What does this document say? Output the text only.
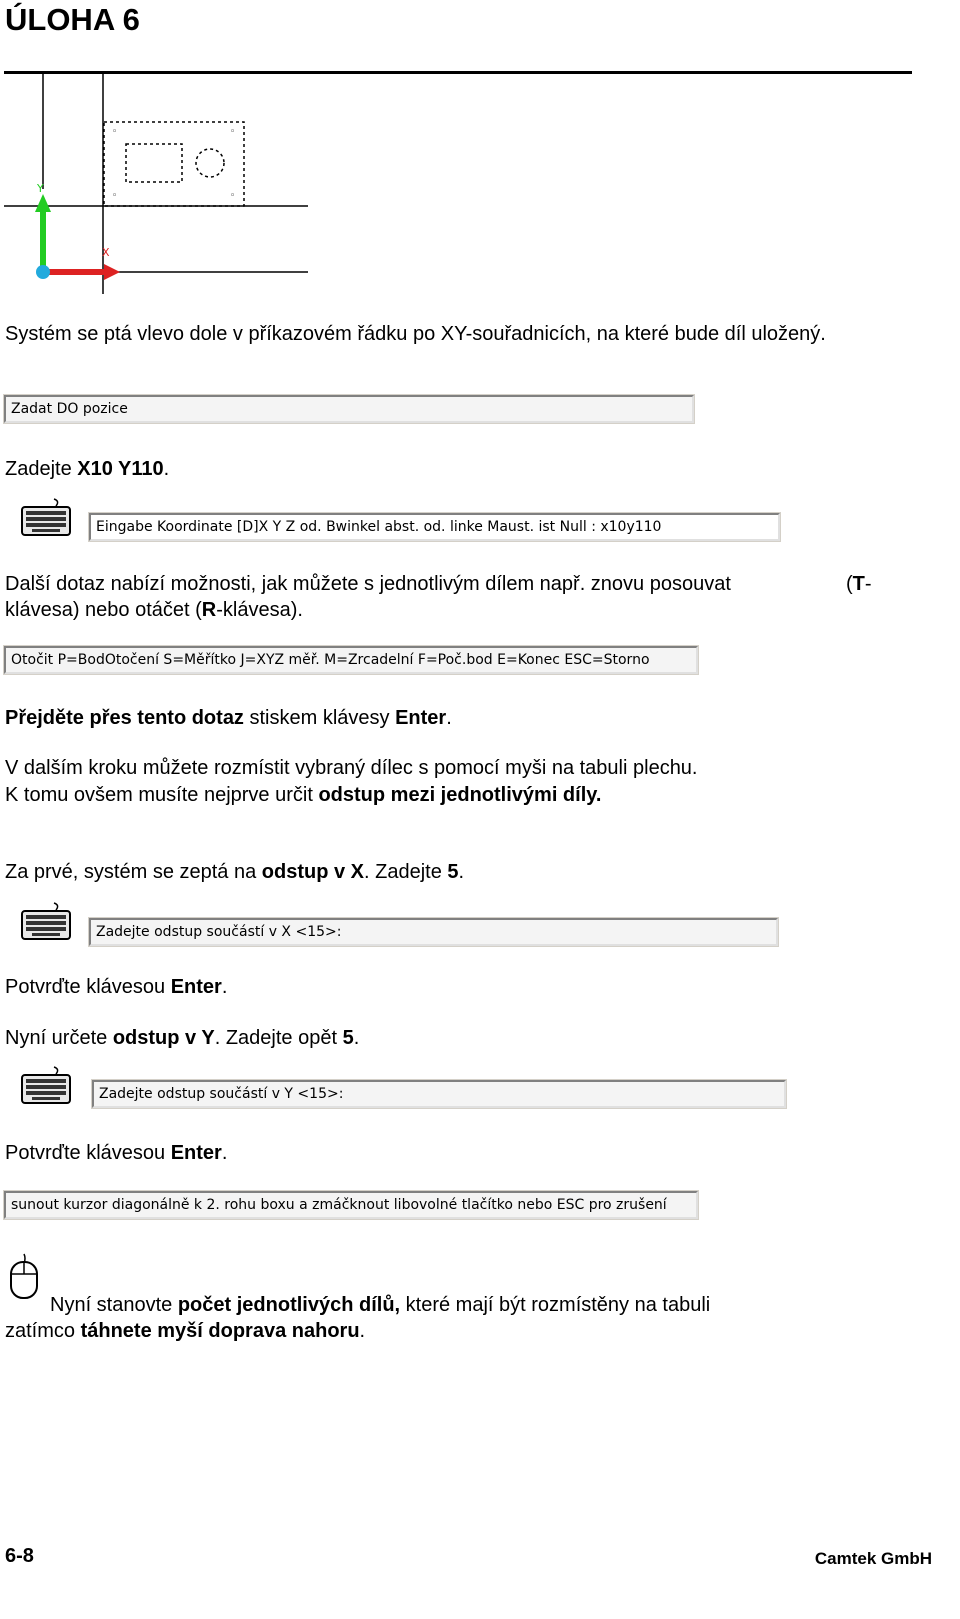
ÚLOHA 6
◦	◦
◦	◦
Y
X
Systém se ptá vlevo dole v příkazovém řádku po XY-souřadnicích, na které bude díl uložený.
Zadat DO pozice
Zadejte X10 Y110.
Eingabe Koordinate [D]X Y Z od. Bwinkel abst. od. linke Maust. ist Null : x10y110
Další dotaz nabízí možnosti, jak můžete s jednotlivým dílem např. znovu posouvat	(T-
klávesa) nebo otáčet (R-klávesa).
Otočit P=BodOtočení S=Měřítko J=XYZ měř. M=Zrcadelní F=Poč.bod E=Konec ESC=Storno
Přejděte přes tento dotaz stiskem klávesy Enter.
V dalším kroku můžete rozmístit vybraný dílec s pomocí myši na tabuli plechu.
K tomu ovšem musíte nejprve určit odstup mezi jednotlivými díly.
Za prvé, systém se zeptá na odstup v X. Zadejte 5.
Zadejte odstup součástí v X <15>:
Potvrďte klávesou Enter.
Nyní určete odstup v Y. Zadejte opět 5.
Zadejte odstup součástí v Y <15>:
Potvrďte klávesou Enter.
sunout kurzor diagonálně k 2. rohu boxu a zmáčknout libovolné tlačítko nebo ESC pro zrušení
Nyní stanovte počet jednotlivých dílů, které mají být rozmístěny na tabuli
zatímco táhnete myší doprava nahoru.
6-8	Camtek GmbH
